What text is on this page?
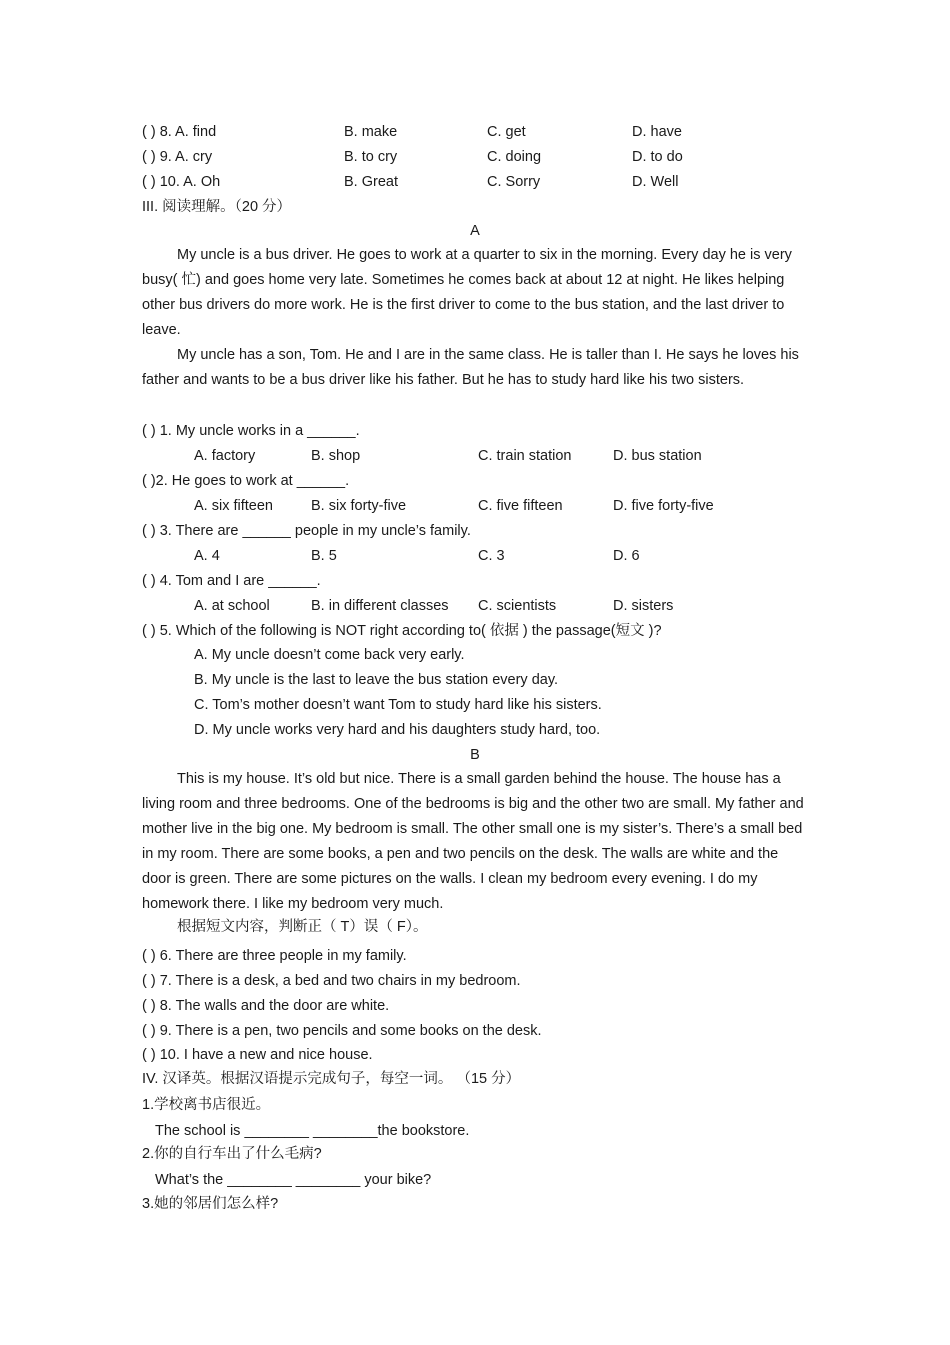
( ) 8. A. find	B. make	C. get	D. have
( ) 9. A. cry	B. to cry	C. doing	D. to do
( ) 10. A. Oh	B. Great	C. Sorry	D. Well
III. 阅读理解。（20 分）
A

My uncle is a bus driver. He goes to work at a quarter to six in the morning. Every day he is very busy( 忙) and goes home very late. Sometimes he comes back at about 12 at night. He likes helping other bus drivers do more work. He is the first driver to come to the bus station, and the last driver to leave.

My uncle has a son, Tom. He and I are in the same class. He is taller than I. He says he loves his father and wants to be a bus driver like his father. But he has to study hard like his two sisters.

( ) 1. My uncle works in a ______.
A. factory	B. shop	C. train station	D. bus station
( )2. He goes to work at ______.
A. six fifteen	B. six forty-five	C. five fifteen	D. five forty-five
( ) 3. There are ______ people in my uncle’s family.
A. 4	B. 5	C. 3	D. 6
( ) 4. Tom and I are ______.
A. at school	B. in different classes C. scientists	D. sisters
( ) 5. Which of the following is NOT right according to( 依据 ) the passage(短文 )?
A. My uncle doesn’t come back very early.
B. My uncle is the last to leave the bus station every day.
C. Tom’s mother doesn’t want Tom to study hard like his sisters.
D. My uncle works very hard and his daughters study hard, too.
B

This is my house. It’s old but nice. There is a small garden behind the house. The house has a living room and three bedrooms. One of the bedrooms is big and the other two are small. My father and mother live in the big one. My bedroom is small. The other small one is my sister’s. There’s a small bed in my room. There are some books, a pen and two pencils on the desk. The walls are white and the door is green. There are some pictures on the walls. I clean my bedroom every evening. I do my homework there. I like my bedroom very much.

根据短文内容，判断正（ T）误（ F）。
( ) 6. There are three people in my family.
( ) 7. There is a desk, a bed and two chairs in my bedroom.
( ) 8. The walls and the door are white.
( ) 9. There is a pen, two pencils and some books on the desk.
( ) 10. I have a new and nice house.
IV. 汉译英。根据汉语提示完成句子，每空一词。 （15 分）
1.学校离书店很近。
The school is ________ ________the bookstore.
2.你的自行车出了什么毛病?
What’s the ________ ________ your bike?
3.她的邻居们怎么样?
